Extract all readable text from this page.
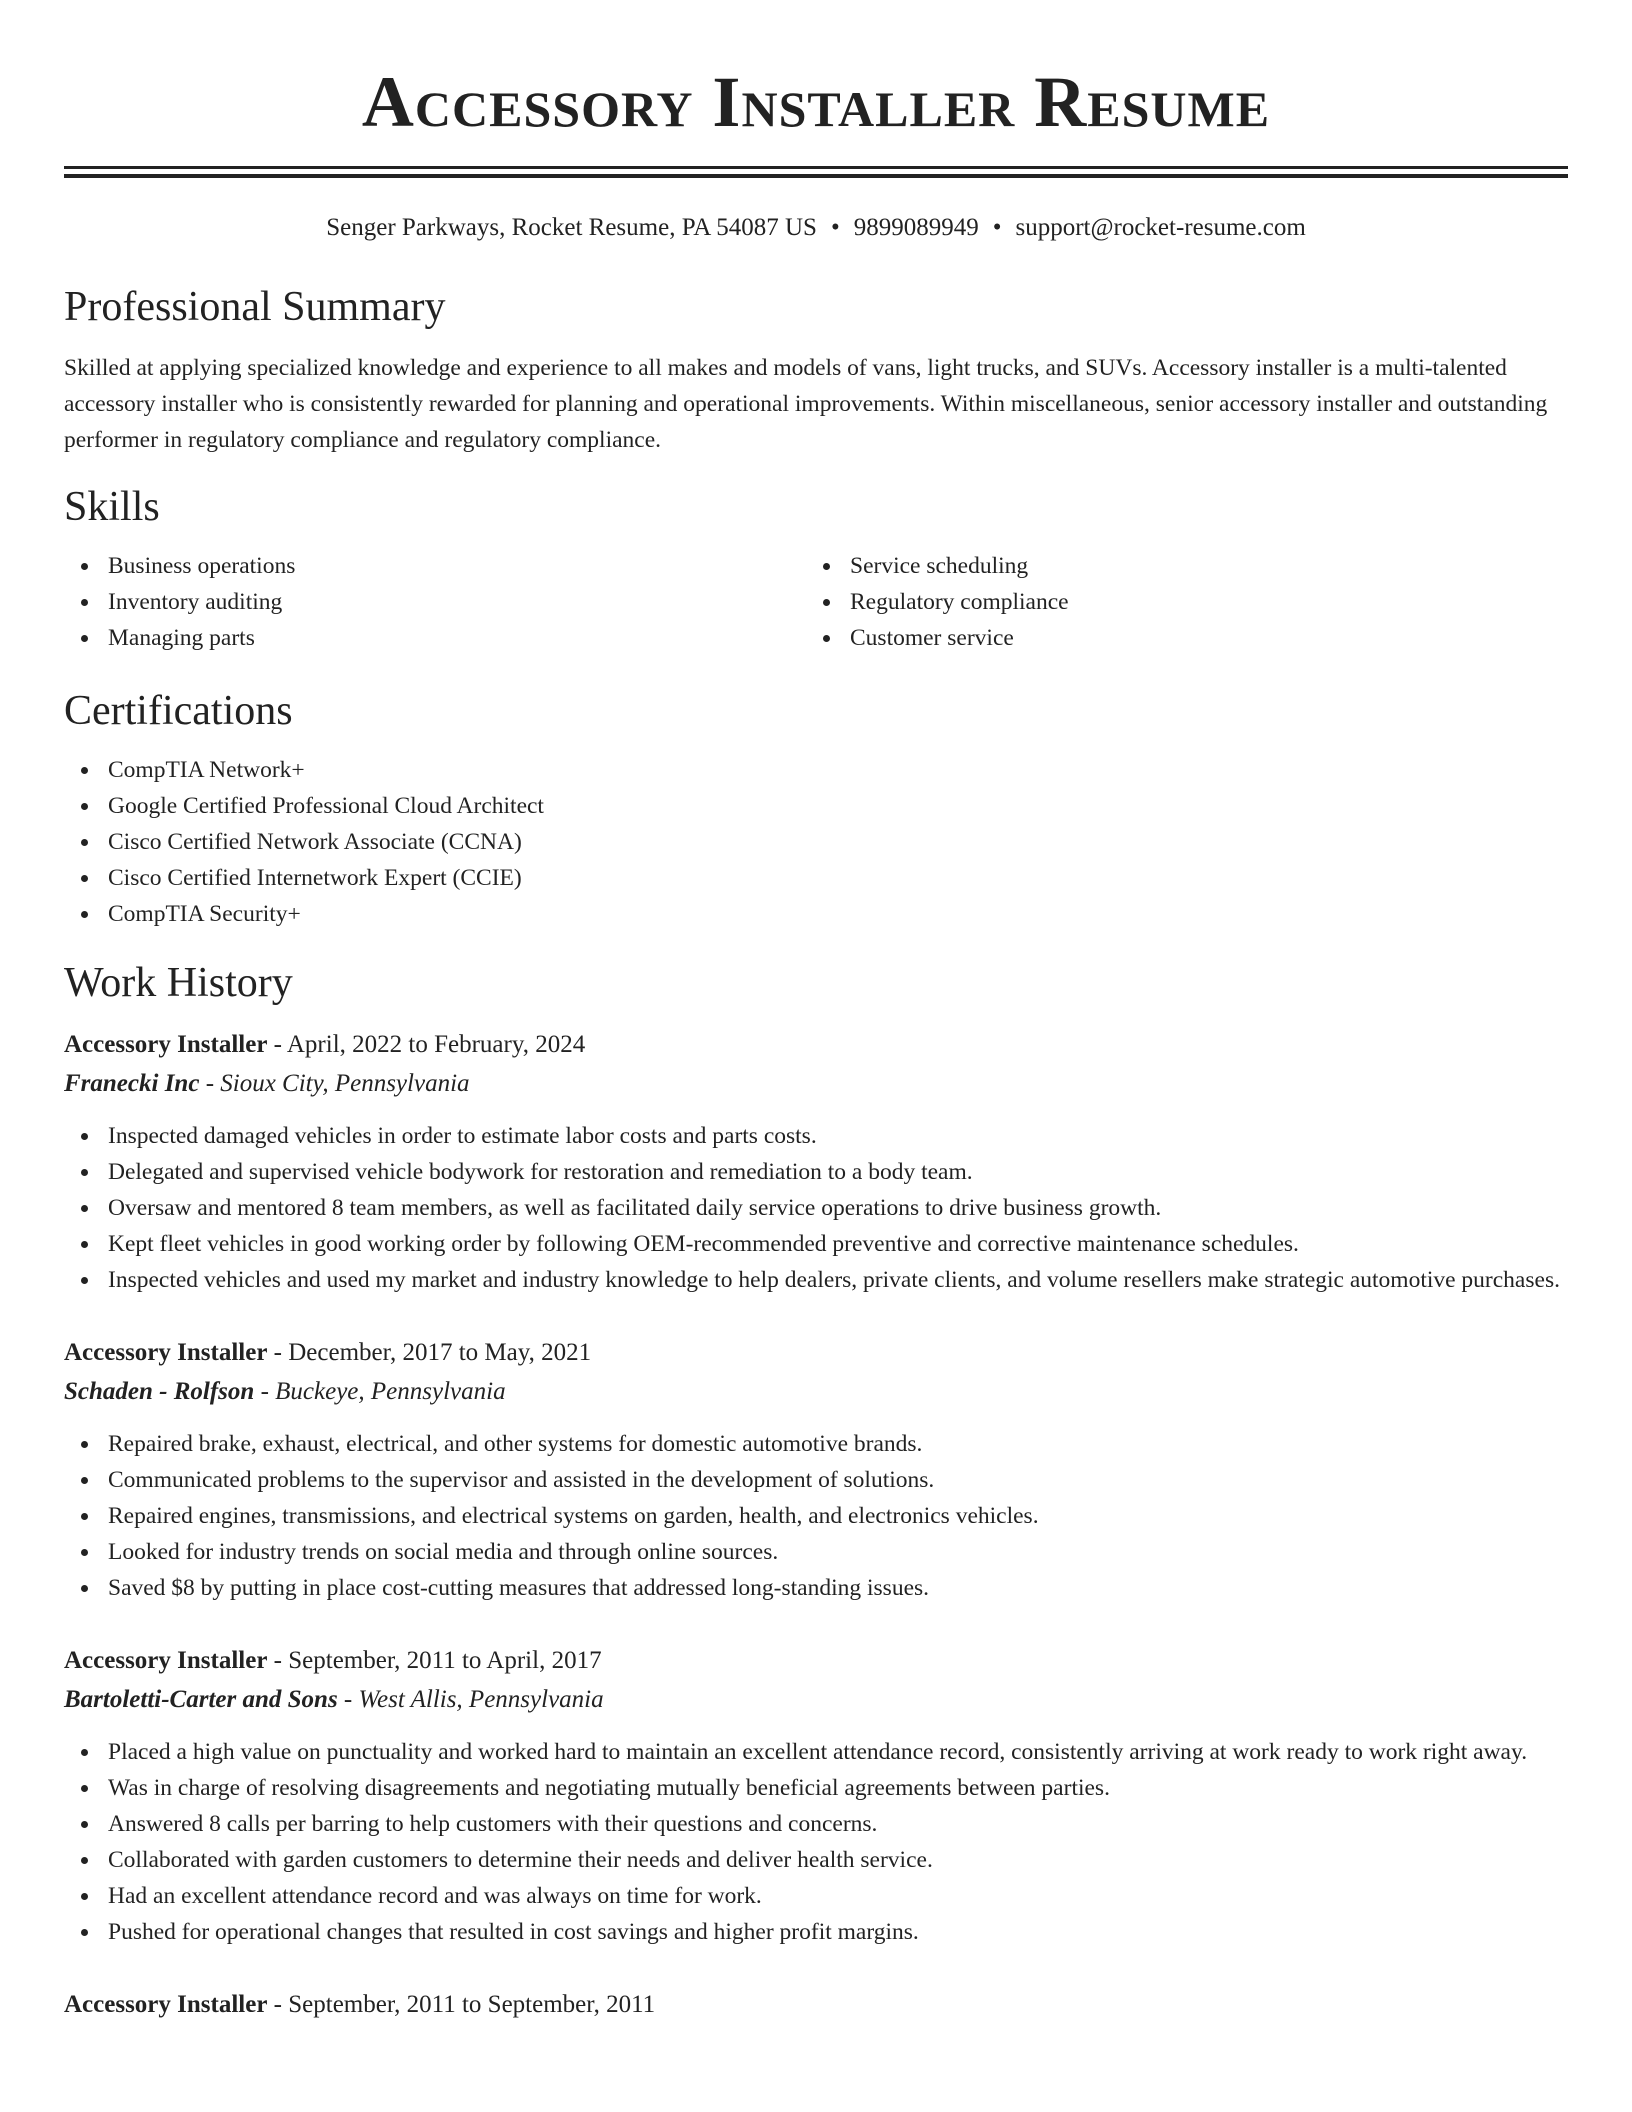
Accessory Installer Resume
Senger Parkways, Rocket Resume, PA 54087 US • 9899089949 • support@rocket-resume.com
Professional Summary

Skilled at applying specialized knowledge and experience to all makes and models of vans, light trucks, and SUVs. Accessory installer is a multi-talented accessory installer who is consistently rewarded for planning and operational improvements. Within miscellaneous, senior accessory installer and outstanding performer in regulatory compliance and regulatory compliance.

Skills
Business operations
Inventory auditing
Managing parts
Service scheduling
Regulatory compliance
Customer service
Certifications
CompTIA Network+
Google Certified Professional Cloud Architect
Cisco Certified Network Associate (CCNA)
Cisco Certified Internetwork Expert (CCIE)
CompTIA Security+
Work History
Accessory Installer - April, 2022 to February, 2024
Franecki Inc - Sioux City, Pennsylvania
Inspected damaged vehicles in order to estimate labor costs and parts costs.
Delegated and supervised vehicle bodywork for restoration and remediation to a body team.
Oversaw and mentored 8 team members, as well as facilitated daily service operations to drive business growth.
Kept fleet vehicles in good working order by following OEM-recommended preventive and corrective maintenance schedules.
Inspected vehicles and used my market and industry knowledge to help dealers, private clients, and volume resellers make strategic automotive purchases.
Accessory Installer - December, 2017 to May, 2021
Schaden - Rolfson - Buckeye, Pennsylvania
Repaired brake, exhaust, electrical, and other systems for domestic automotive brands.
Communicated problems to the supervisor and assisted in the development of solutions.
Repaired engines, transmissions, and electrical systems on garden, health, and electronics vehicles.
Looked for industry trends on social media and through online sources.
Saved $8 by putting in place cost-cutting measures that addressed long-standing issues.
Accessory Installer - September, 2011 to April, 2017
Bartoletti-Carter and Sons - West Allis, Pennsylvania
Placed a high value on punctuality and worked hard to maintain an excellent attendance record, consistently arriving at work ready to work right away.
Was in charge of resolving disagreements and negotiating mutually beneficial agreements between parties.
Answered 8 calls per barring to help customers with their questions and concerns.
Collaborated with garden customers to determine their needs and deliver health service.
Had an excellent attendance record and was always on time for work.
Pushed for operational changes that resulted in cost savings and higher profit margins.
Accessory Installer - September, 2011 to September, 2011
